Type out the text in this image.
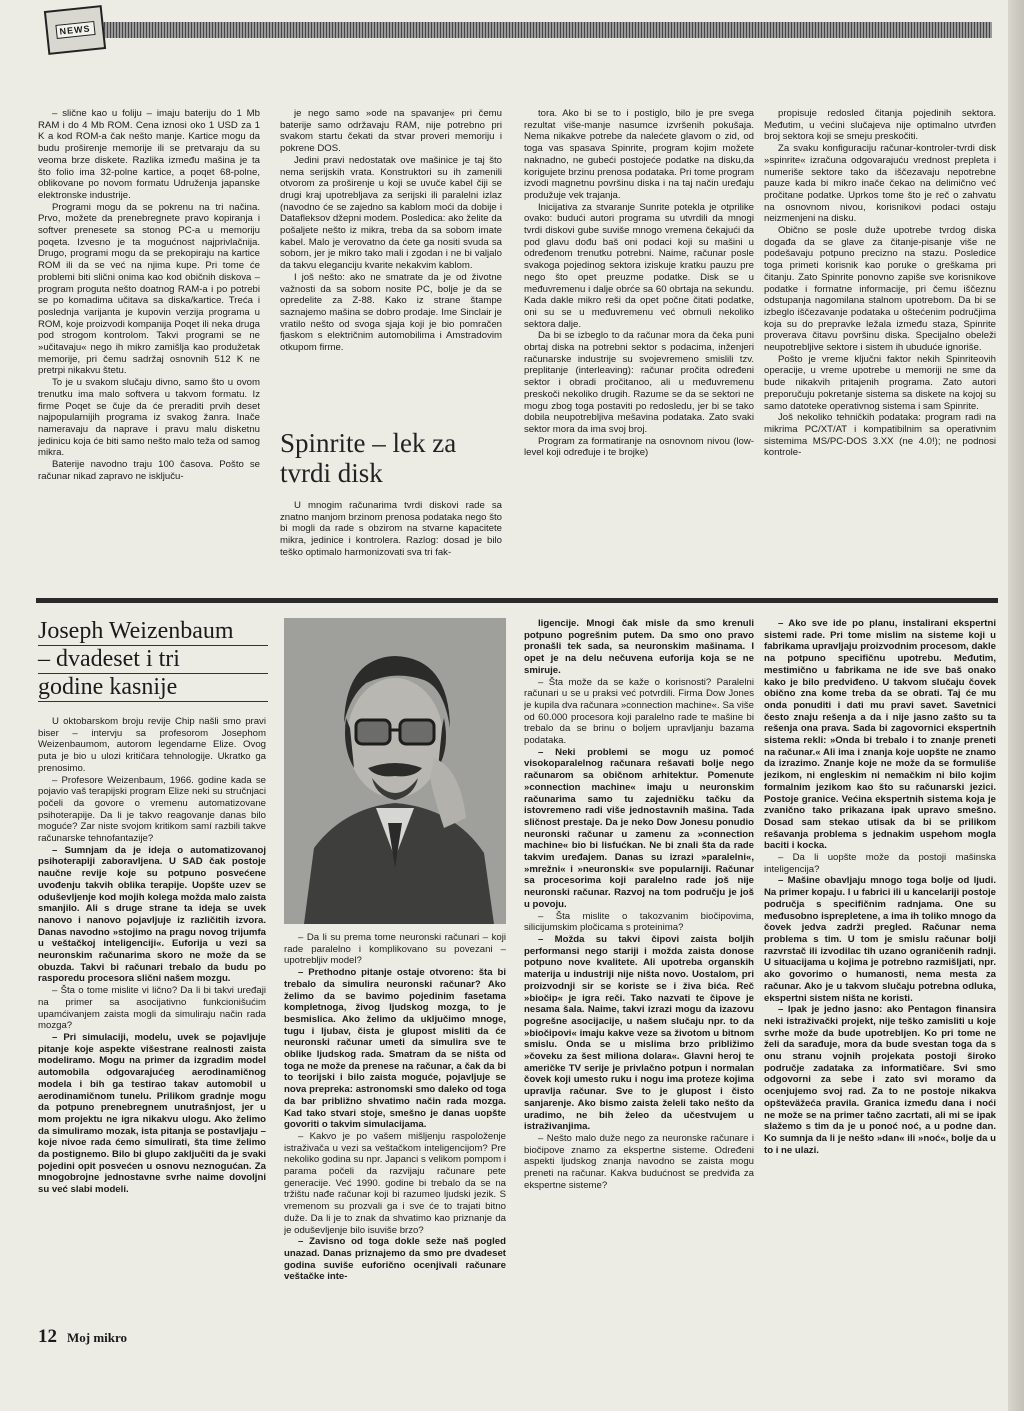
NEWS

– slične kao u foliju – imaju bateriju do 1 Mb RAM i do 4 Mb ROM. Cena iznosi oko 1 USD za 1 K a kod ROM-a čak nešto manje. Kartice mogu da budu proširenje memorije ili se pretvaraju da su veoma brze diskete. Razlika između mašina je ta što folio ima 32-polne kartice, a poqet 68-polne, oblikovane po novom formatu Udruženja japanske elektronske industrije.

Programi mogu da se pokrenu na tri načina. Prvo, možete da prenebregnete pravo kopiranja i softver prenesete sa stonog PC-a u memoriju poqeta. Izvesno je ta mogućnost najprivlačnija. Drugo, programi mogu da se prekopiraju na kartice ROM ili da se već na njima kupe. Pri tome će problemi biti slični onima kao kod običnih diskova – program proguta nešto doatnog RAM-a i po potrebi se po komadima učitava sa diska/kartice. Treća i poslednja varijanta je kupovin verzija programa u ROM, koje proizvodi kompanija Poqet ili neka druga pod strogom kontrolom. Takvi programi se ne »učitavaju« nego ih mikro zamišlja kao produžetak memorije, pri čemu sadržaj osnovnih 512 K ne pretrpi nikakvu štetu.

To je u svakom slučaju divno, samo što u ovom trenutku ima malo softvera u takvom formatu. Iz firme Poqet se čuje da će preraditi prvih deset najpopularnijih programa iz svakog žanra. Inače nameravaju da naprave i pravu malu disketnu jedinicu koja će biti samo nešto malo teža od samog mikra.

Baterije navodno traju 100 časova. Pošto se računar nikad zapravo ne isključu-

je nego samo »ode na spavanje« pri čemu baterije samo održavaju RAM, nije potrebno pri svakom startu čekati da stvar proveri memoriju i pokrene DOS.

Jedini pravi nedostatak ove mašinice je taj što nema serijskih vrata. Konstruktori su ih zamenili otvorom za proširenje u koji se uvuče kabel čiji se drugi kraj upotrebljava za serijski ili paralelni izlaz (navodno će se zajedno sa kablom moći da dobije i Datafleksov džepni modem. Posledica: ako želite da pošaljete nešto iz mikra, treba da sa sobom imate kabel. Malo je verovatno da ćete ga nositi svuda sa sobom, jer je mikro tako mali i zgodan i ne bi valjalo da takvu eleganciju kvarite nekakvim kablom.

I još nešto: ako ne smatrate da je od životne važnosti da sa sobom nosite PC, bolje je da se opredelite za Z-88. Kako iz strane štampe saznajemo mašina se dobro prodaje. Ime Sinclair je vratilo nešto od svoga sjaja koji je bio pomračen fjaskom s električnim automobilima i Amstradovim otkupom firme.

Spinrite – lek za tvrdi disk

U mnogim računarima tvrdi diskovi rade sa znatno manjom brzinom prenosa podataka nego što bi mogli da rade s obzirom na stvarne kapacitete mikra, jedinice i kontrolera. Razlog: dosad je bilo teško optimalo harmonizovati sva tri fak-

tora. Ako bi se to i postiglo, bilo je pre svega rezultat više-manje nasumce izvršenih pokušaja. Nema nikakve potrebe da nalećete glavom o zid, od toga vas spasava Spinrite, program kojim možete naknadno, ne gubeći postojeće podatke na disku,da korigujete brzinu prenosa podataka. Pri tome program izvodi magnetnu površinu diska i na taj način uređaju produžuje vek trajanja.

Inicijativa za stvaranje Sunrite potekla je otprilike ovako: budući autori programa su utvrdili da mnogi tvrdi diskovi gube suviše mnogo vremena čekajući da pod glavu dođu baš oni podaci koji su mašini u određenom trenutku potrebni. Naime, računar posle svakoga pojedinog sektora iziskuje kratku pauzu pre nego što opet preuzme podatke. Disk se u međuvremenu i dalje obrće sa 60 obrtaja na sekundu. Kada dakle mikro reši da opet počne čitati podatke, oni su se u međuvremenu već obrnuli nekoliko sektora dalje.

Da bi se izbeglo to da računar mora da čeka puni obrtaj diska na potrebni sektor s podacima, inženjeri računarske industrije su svojevremeno smislili tzv. preplitanje (interleaving): računar pročita određeni sektor i obradi pročitanoo, ali u međuvremenu preskoči nekoliko drugih. Razume se da se sektori ne mogu zbog toga postaviti po redosledu, jer bi se tako dobila neupotrebljiva mešavina podataka. Zato svaki sektor mora da ima svoj broj.

Program za formatiranje na osnovnom nivou (low-level koji određuje i te brojke)

propisuje redosled čitanja pojedinih sektora. Međutim, u većini slučajeva nije optimalno utvrđen broj sektora koji se smeju preskočiti.

Za svaku konfiguraciju računar-kontroler-tvrdi disk »spinrite« izračuna odgovarajuću vrednost prepleta i numeriše sektore tako da iščezavaju nepotrebne pauze kada bi mikro inače čekao na delimično već pročitane podatke. Uprkos tome što je reč o zahvatu na osnovnom nivou, korisnikovi podaci ostaju neizmenjeni na disku.

Obično se posle duže upotrebe tvrdog diska događa da se glave za čitanje-pisanje više ne podešavaju potpuno precizno na stazu. Posledice toga primeti korisnik kao poruke o greškama pri čitanju. Zato Spinrite ponovno zapiše sve korisnikove podatke i formatne informacije, pri čemu iščeznu odstupanja nagomilana stalnom upotrebom. Da bi se izbeglo iščezavanje podataka u oštećenim područjima koja su do prepravke ležala između staza, Spinrite proverava čitavu površinu diska. Specijalno obeleži neupotrebljive sektore i sistem ih ubuduće ignoriše.

Pošto je vreme ključni faktor nekih Spinriteovih operacije, u vreme upotrebe u memoriji ne sme da bude nikakvih pritajenih programa. Zato autori preporučuju pokretanje sistema sa diskete na kojoj su samo datoteke operativnog sistema i sam Spinrite.

Još nekoliko tehničkih podataka: program radi na mikrima PC/XT/AT i kompatibilnim sa operativnim sistemima MS/PC-DOS 3.XX (ne 4.0!); ne podnosi kontrole-

Joseph Weizenbaum
– dvadeset i tri
godine kasnije

U oktobarskom broju revije Chip našli smo pravi biser – intervju sa profesorom Josephom Weizenbaumom, autorom legendarne Elize. Ovog puta je bio u ulozi kritičara tehnologije. Ukratko ga prenosimo.

– Profesore Weizenbaum, 1966. godine kada se pojavio vaš terapijski program Elize neki su stručnjaci počeli da govore o vremenu automatizovane psihoterapije. Da li je takvo reagovanje danas bilo moguće? Zar niste svojom kritikom samí razbili takve računarske tehnofantazije?

– Sumnjam da je ideja o automatizovanoj psihoterapiji zaboravljena. U SAD čak postoje naučne revije koje su potpuno posvećene uvođenju takvih oblika terapije. Uopšte uzev se oduševljenje kod mojih kolega možda malo zaista smanjilo. Ali s druge strane ta ideja se uvek nanovo i nanovo pojavljuje iz različitih izvora. Danas navodno »stojimo na pragu novog trijumfa u veštačkoj inteligenciji«. Euforija u vezi sa neuronskim računarima skoro ne može da se obuzda. Takvi bi računari trebalo da budu po rasporedu procesora slični našem mozgu.

– Šta o tome mislite vi lično? Da li bi takvi uređaji na primer sa asocijativno funkcionišućim upamćivanjem zaista mogli da simuliraju način rada mozga?

– Pri simulaciji, modelu, uvek se pojavljuje pitanje koje aspekte višestrane realnosti zaista modeliramo. Mogu na primer da izgradim model automobila odgovarajućeg aerodinamičnog modela i bih ga testirao takav automobil u aerodinamičnom tunelu. Prilikom gradnje mogu da potpuno prenebregnem unutrašnjost, jer u mom projektu ne igra nikakvu ulogu. Ako želimo da simuliramo mozak, ista pitanja se postavljaju – koje nivoe rada ćemo simulirati, šta time želimo da postignemo. Bilo bi glupo zaključiti da je svaki pojedini opit posvećen u osnovu neznogućan. Za mnogobrojne jednostavne svrhe naime dovoljni su već slabi modeli.

– Da li su prema tome neuronski računari – koji rade paralelno i komplikovano su povezani – upotrebljiv model?

– Prethodno pitanje ostaje otvoreno: šta bi trebalo da simulira neuronski računar? Ako želimo da se bavimo pojedinim fasetama kompletnoga, živog ljudskog mozga, to je besmislica. Ako želimo da uključimo mnoge, tugu i ljubav, čista je glupost misliti da će neuronski računar umeti da simulira sve te oblike ljudskog rada. Smatram da se ništa od toga ne može da prenese na računar, a čak da bi to teorijski i bilo zaista moguće, pojavljuje se nova prepreka: astronomski smo daleko od toga da bar približno shvatimo način rada mozga. Kad tako stvari stoje, smešno je danas uopšte govoriti o takvim simulacijama.

– Kakvo je po vašem mišljenju raspoloženje istraživača u vezi sa veštačkom inteligencijom? Pre nekoliko godina su npr. Japanci s velikom pompom i parama počeli da razvijaju računare pete generacije. Već 1990. godine bi trebalo da se na tržištu nađe računar koji bi razumeo ljudski jezik. S vremenom su prozvali ga i sve će to trajati bitno duže. Da li je to znak da shvatimo kao priznanje da je oduševljenje bilo isuviše brzo?

– Zavisno od toga dokle seže naš pogled unazad. Danas priznajemo da smo pre dvadeset godina suviše euforično ocenjivali računare veštačke inte-

ligencije. Mnogi čak misle da smo krenuli potpuno pogrešnim putem. Da smo ono pravo pronašli tek sada, sa neuronskim mašinama. I opet je na delu nečuvena euforija koja se ne smiruje.

– Šta može da se kaže o korisnosti? Paralelni računari u se u praksi već potvrdili. Firma Dow Jones je kupila dva računara »connection machine«. Sa više od 60.000 procesora koji paralelno rade te mašine bi trebalo da se brinu o boljem upravljanju bazama podataka.

– Neki problemi se mogu uz pomoć visokoparalelnog računara rešavati bolje nego računarom sa običnom arhitektur. Pomenute »connection machine« imaju u neuronskim računarima samo tu zajedničku tačku da istovremeno radi više jednostavnih mašina. Tada sličnost prestaje. Da je neko Dow Jonesu ponudio neuronski računar u zamenu za »connection machine« bio bi lisfućkan. Ne bi znali šta da rade takvim uređajem. Danas su izrazi »paralelni«, »mrežni« i »neuronski« sve popularniji. Računar sa procesorima koji paralelno rade još nije neuronski računar. Razvoj na tom području je još u povoju.

– Šta mislite o takozvanim biočipovima, silicijumskim pločicama s proteinima?

– Možda su takvi čipovi zaista boljih performansi nego stariji i možda zaista donose potpuno nove kvalitete. Ali upotreba organskih materija u industriji nije ništa novo. Uostalom, pri proizvodnji sir se koriste se i živa bića. Reč »biočip« je igra reči. Tako nazvati te čipove je nesama šala. Naime, takvi izrazi mogu da izazovu pogrešne asocijacije, u našem slučaju npr. to da »biočipovi« imaju kakve veze sa životom u bitnom smislu. Onda se u mislima brzo približimo »čoveku za šest miliona dolara«. Glavni heroj te američke TV serije je privlačno potpun i normalan čovek koji umesto ruku i nogu ima proteze kojima upravlja računar. Sve to je glupost i čisto sanjarenje. Ako bismo zaista želeli tako nešto da uradimo, ne bih želeo da učestvujem u istraživanjima.

– Nešto malo duže nego za neuronske računare i biočipove znamo za ekspertne sisteme. Određeni aspekti ljudskog znanja navodno se zaista mogu preneti na računar. Kakva budućnost se predviđa za ekspertne sisteme?

– Ako sve ide po planu, instalirani ekspertni sistemi rade. Pri tome mislim na sisteme koji u fabrikama upravljaju proizvodnim procesom, dakle na potpuno specifičnu upotrebu. Međutim, mestimično u fabrikama ne ide sve baš onako kako je bilo predviđeno. U takvom slučaju čovek obično zna kome treba da se obrati. Taj će mu onda ponuditi i dati mu pravi savet. Savetnici često znaju rešenja a da i nije jasno zašto su ta rešenja ona prava. Sada bi zagovornici ekspertnih sistema rekli: »Onda bi trebalo i to znanje preneti na računar.« Ali ima i znanja koje uopšte ne znamo da izrazimo. Znanje koje ne može da se formuliše jezikom, ni engleskim ni nemačkim ni bilo kojim formalnim jezikom kao što su računarski jezici. Postoje granice. Većina ekspertnih sistema koja je zvanično tako prikazana ipak upravo smešno. Dosad sam stekao utisak da bi se prilikom rešavanja problema s jednakim uspehom mogla baciti i kocka.

– Da li uopšte može da postoji mašinska inteligencija?

– Mašine obavljaju mnogo toga bolje od ljudi. Na primer kopaju. I u fabrici ili u kancelariji postoje područja s specifičnim radnjama. One su međusobno isprepletene, a ima ih toliko mnogo da čovek jedva zadrži pregled. Računar nema problema s tim. U tom je smislu računar bolji razvrstač ili izvodilac tih uzano ograničenih radnji. U situacijama u kojima je potrebno razmišljati, npr. ako govorimo o humanosti, nema mesta za računar. Ako je u takvom slučaju potrebna odluka, ekspertni sistem ništa ne koristi.

– Ipak je jedno jasno: ako Pentagon finansira neki istraživački projekt, nije teško zamisliti u koje svrhe može da bude upotrebljen. Ko pri tome ne želi da sarađuje, mora da bude svestan toga da s onu stranu vojnih projekata postoji široko područje zadataka za informatičare. Svi smo odgovorni za sebe i zato svi moramo da ocenjujemo svoj rad. Za to ne postoje nikakva opšteväžeća pravila. Granica između dana i noći ne može se na primer tačno zacrtati, ali mi se ipak slažemo s tim da je u ponoć noć, a u podne dan. Ko sumnja da li je nešto »dan« ili »noć«, bolje da u to i ne ulazi.

12 Moj mikro
